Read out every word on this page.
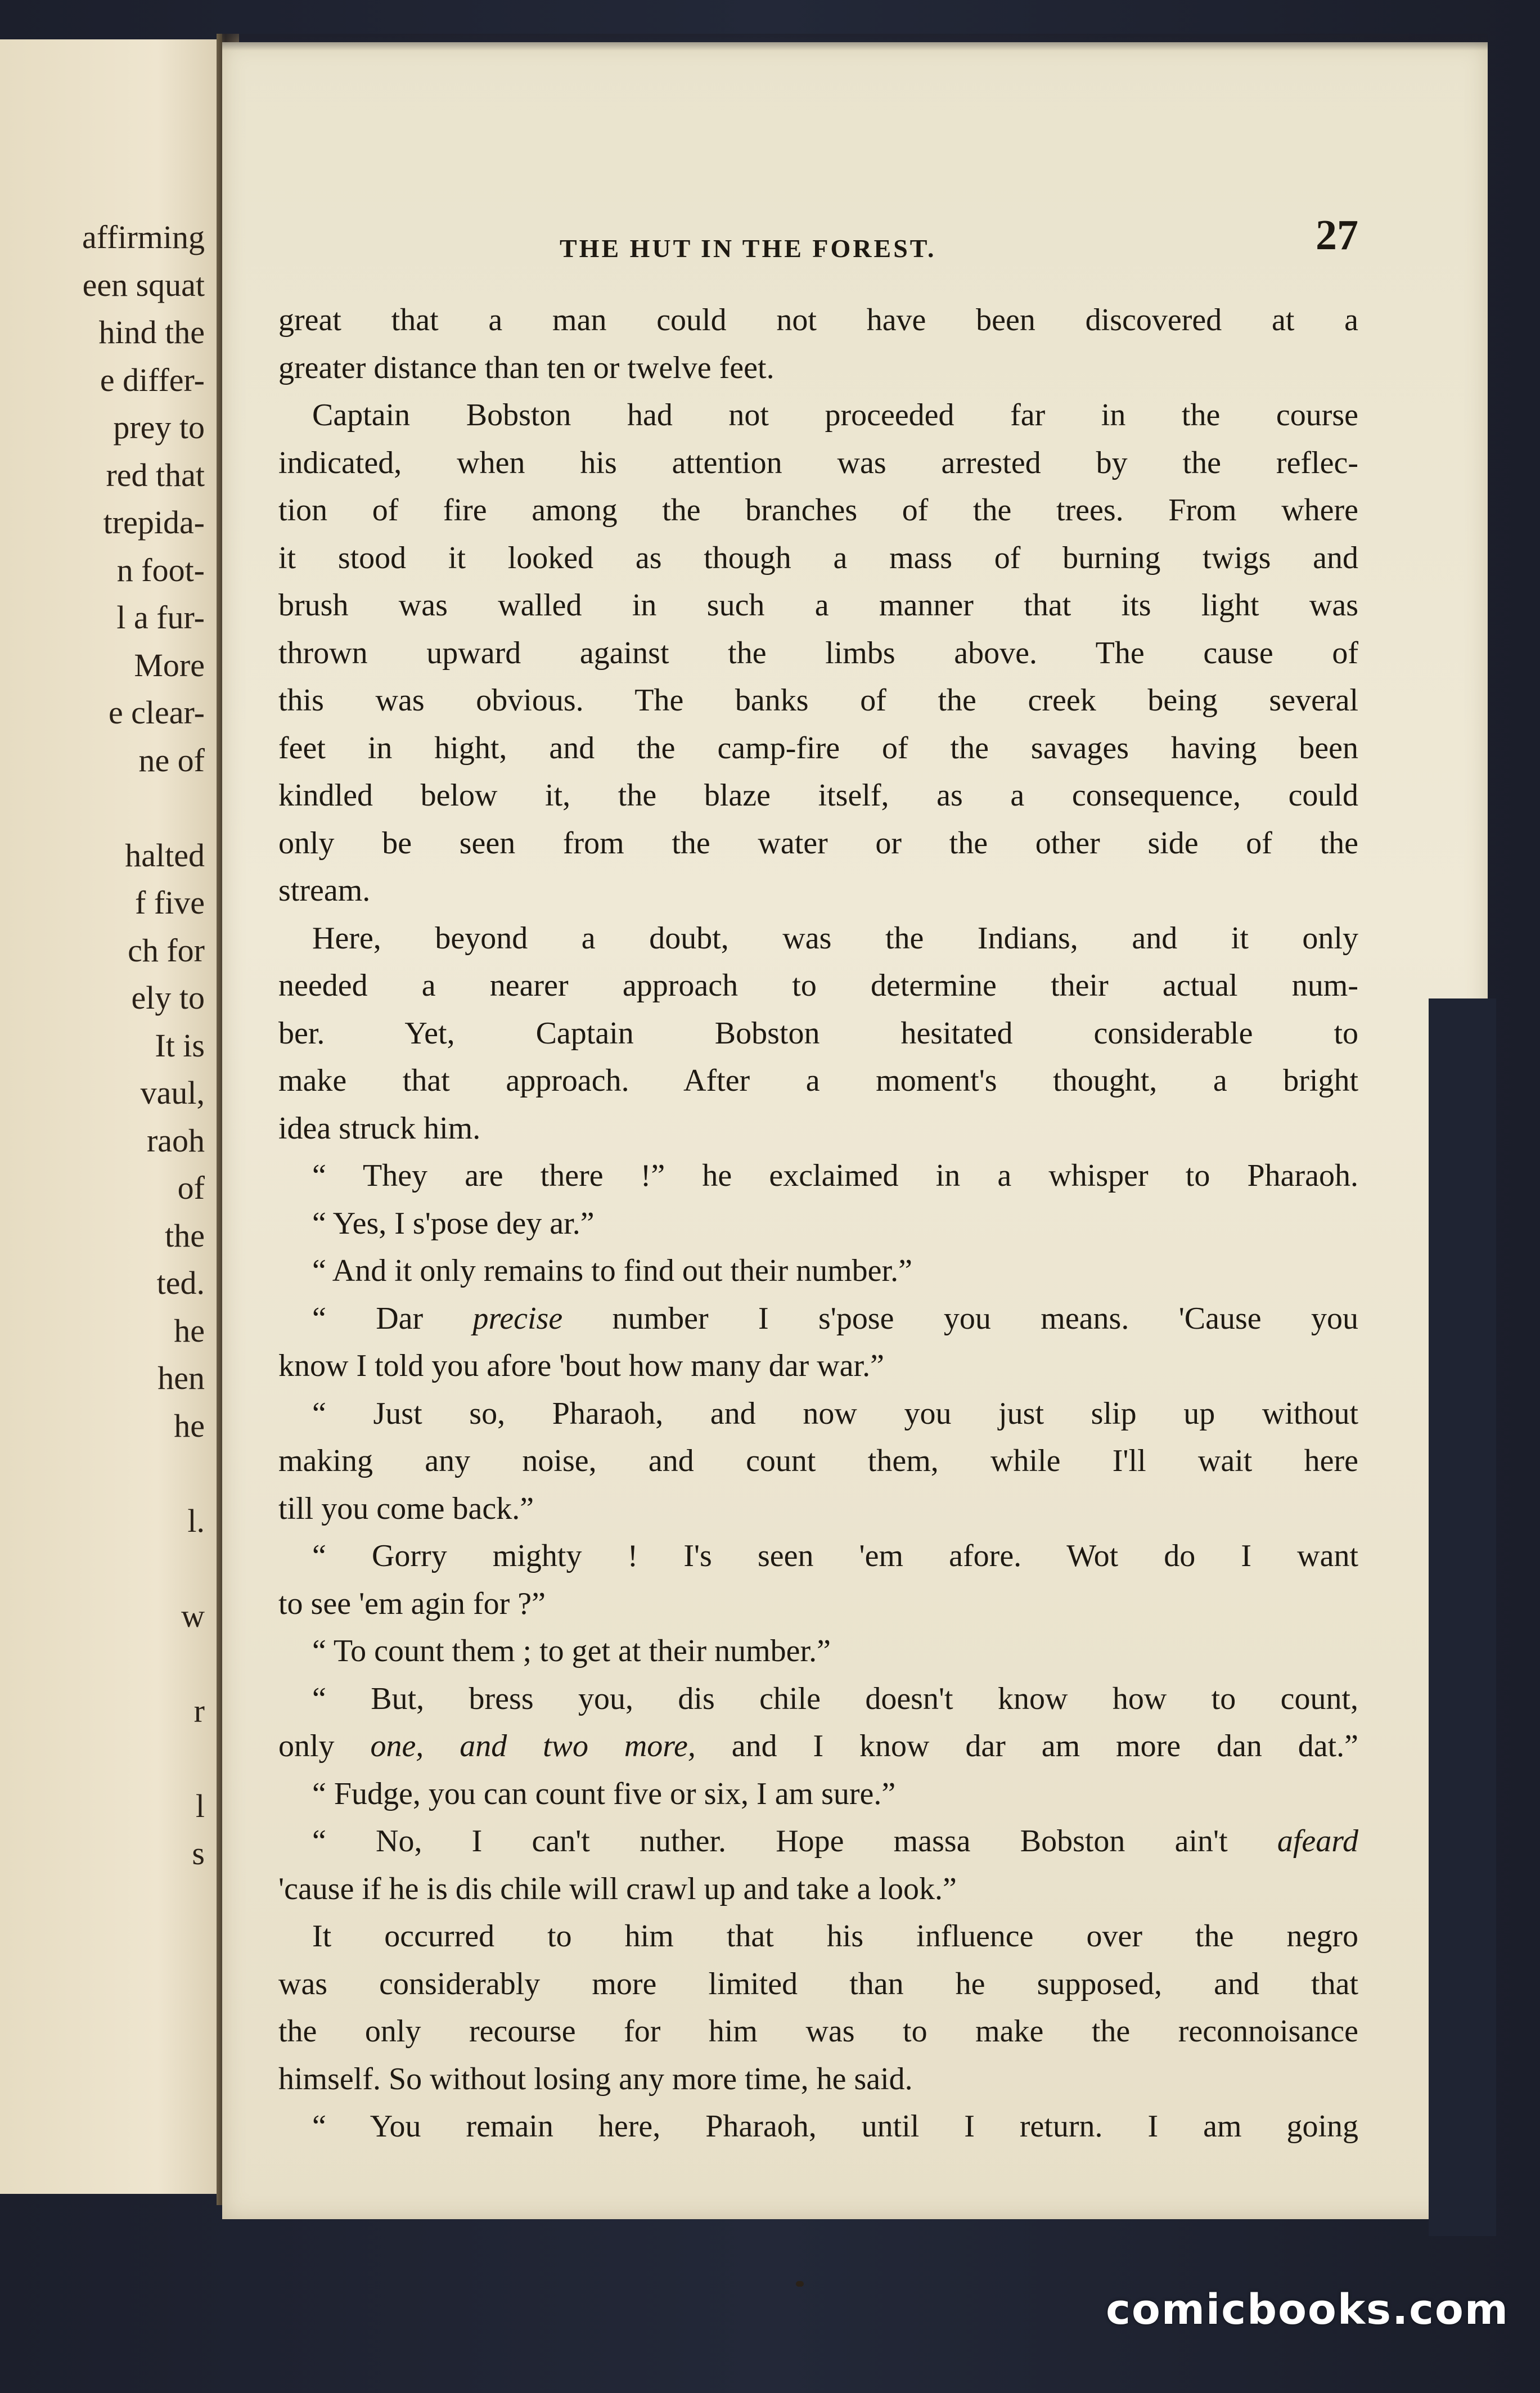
affirming
een squat
hind the
e differ-
prey to
red that
trepida-
n foot-
l a fur-
More
e clear-
ne of
halted
f five
ch for
ely to
It is
vaul,
raoh
of
the
ted.
he
hen
he
l.
w
r
l
s
THE HUT IN THE FOREST.	27
great that a man could not have been discovered at a
greater distance than ten or twelve feet.
Captain Bobston had not proceeded far in the course
indicated, when his attention was arrested by the reflec-
tion of fire among the branches of the trees. From where
it stood it looked as though a mass of burning twigs and
brush was walled in such a manner that its light was
thrown upward against the limbs above. The cause of
this was obvious. The banks of the creek being several
feet in hight, and the camp-fire of the savages having been
kindled below it, the blaze itself, as a consequence, could
only be seen from the water or the other side of the
stream.
Here, beyond a doubt, was the Indians, and it only
needed a nearer approach to determine their actual num-
ber. Yet, Captain Bobston hesitated considerable to
make that approach. After a moment's thought, a bright
idea struck him.
“ They are there !” he exclaimed in a whisper to Pharaoh.
“ Yes, I s'pose dey ar.”
“ And it only remains to find out their number.”
“ Dar precise number I s'pose you means. 'Cause you
know I told you afore 'bout how many dar war.”
“ Just so, Pharaoh, and now you just slip up without
making any noise, and count them, while I'll wait here
till you come back.”
“ Gorry mighty ! I's seen 'em afore. Wot do I want
to see 'em agin for ?”
“ To count them ; to get at their number.”
“ But, bress you, dis chile doesn't know how to count,
only one, and two more, and I know dar am more dan dat.”
“ Fudge, you can count five or six, I am sure.”
“ No, I can't nuther. Hope massa Bobston ain't afeard
'cause if he is dis chile will crawl up and take a look.”
It occurred to him that his influence over the negro
was considerably more limited than he supposed, and that
the only recourse for him was to make the reconnoisance
himself. So without losing any more time, he said.
“ You remain here, Pharaoh, until I return. I am going
comicbooks.com
